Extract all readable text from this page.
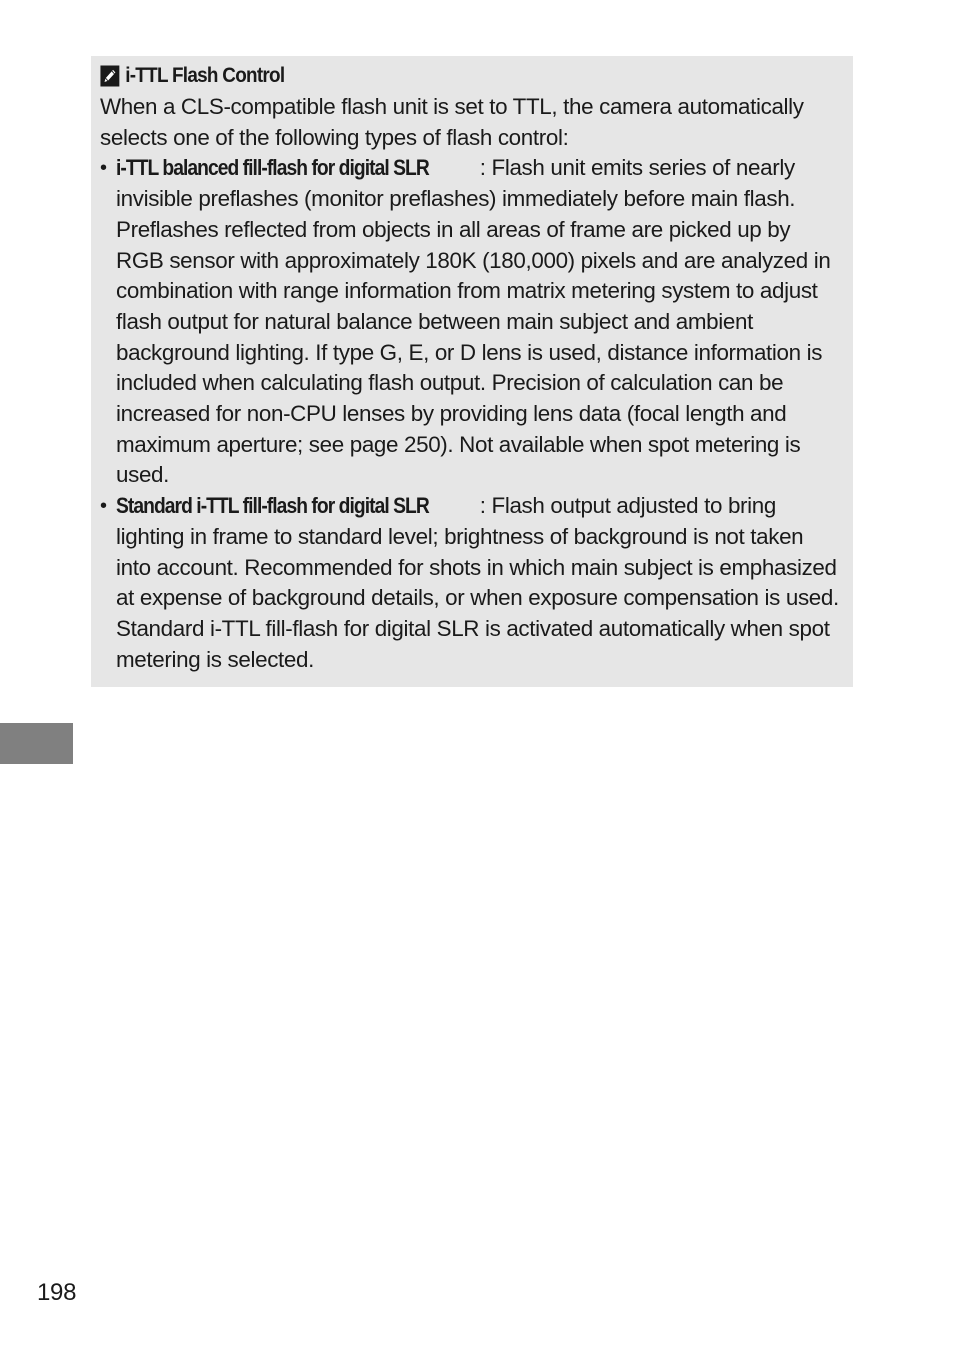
i-TTL Flash Control

When a CLS-compatible flash unit is set to TTL, the camera automatically selects one of the following types of flash control:

• i-TTL balanced fill-flash for digital SLR : Flash unit emits series of nearly invisible preflashes (monitor preflashes) immediately before main flash. Preflashes reflected from objects in all areas of frame are picked up by RGB sensor with approximately 180K (180,000) pixels and are analyzed in combination with range information from matrix metering system to adjust flash output for natural balance between main subject and ambient background lighting. If type G, E, or D lens is used, distance information is included when calculating flash output. Precision of calculation can be increased for non-CPU lenses by providing lens data (focal length and maximum aperture; see page 250). Not available when spot metering is used.
• Standard i-TTL fill-flash for digital SLR : Flash output adjusted to bring lighting in frame to standard level; brightness of background is not taken into account. Recommended for shots in which main subject is emphasized at expense of background details, or when exposure compensation is used. Standard i-TTL fill-flash for digital SLR is activated automatically when spot metering is selected.
198
